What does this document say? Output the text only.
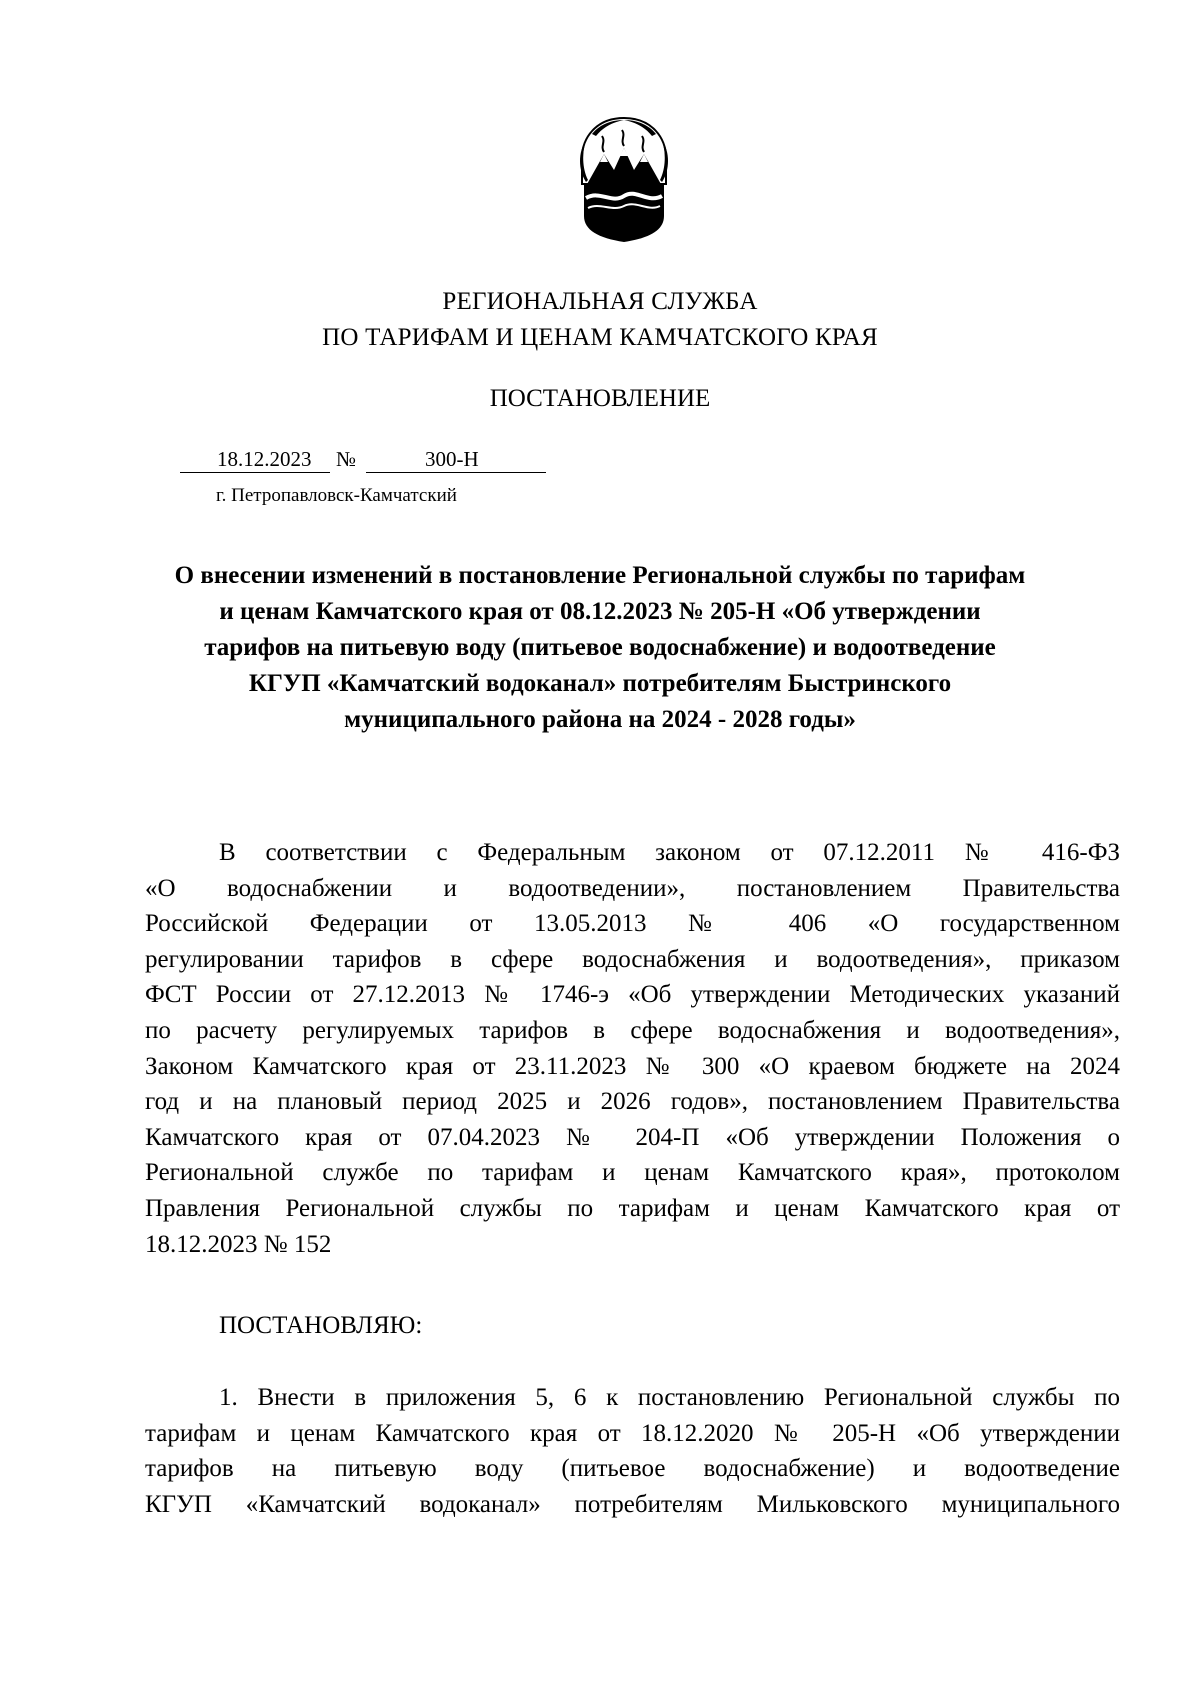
РЕГИОНАЛЬНАЯ СЛУЖБА
ПО ТАРИФАМ И ЦЕНАМ КАМЧАТСКОГО КРАЯ
ПОСТАНОВЛЕНИЕ
18.12.2023 №	300-Н
г. Петропавловск-Камчатский
О внесении изменений в постановление Региональной службы по тарифам
и ценам Камчатского края от 08.12.2023 № 205-Н «Об утверждении
тарифов на питьевую воду (питьевое водоснабжение) и водоотведение
КГУП «Камчатский водоканал» потребителям Быстринского
муниципального района на 2024 - 2028 годы»
В соответствии с Федеральным законом от 07.12.2011 № 416-ФЗ
«О водоснабжении и водоотведении», постановлением Правительства
Российской Федерации от 13.05.2013 № 406 «О государственном
регулировании тарифов в сфере водоснабжения и водоотведения», приказом
ФСТ России от 27.12.2013 № 1746-э «Об утверждении Методических указаний
по расчету регулируемых тарифов в сфере водоснабжения и водоотведения»,
Законом Камчатского края от 23.11.2023 № 300 «О краевом бюджете на 2024
год и на плановый период 2025 и 2026 годов», постановлением Правительства
Камчатского края от 07.04.2023 № 204-П «Об утверждении Положения о
Региональной службе по тарифам и ценам Камчатского края», протоколом
Правления Региональной службы по тарифам и ценам Камчатского края от
18.12.2023 № 152
ПОСТАНОВЛЯЮ:
1. Внести в приложения 5, 6 к постановлению Региональной службы по
тарифам и ценам Камчатского края от 18.12.2020 № 205-Н «Об утверждении
тарифов на питьевую воду (питьевое водоснабжение) и водоотведение
КГУП «Камчатский водоканал» потребителям Мильковского муниципального
